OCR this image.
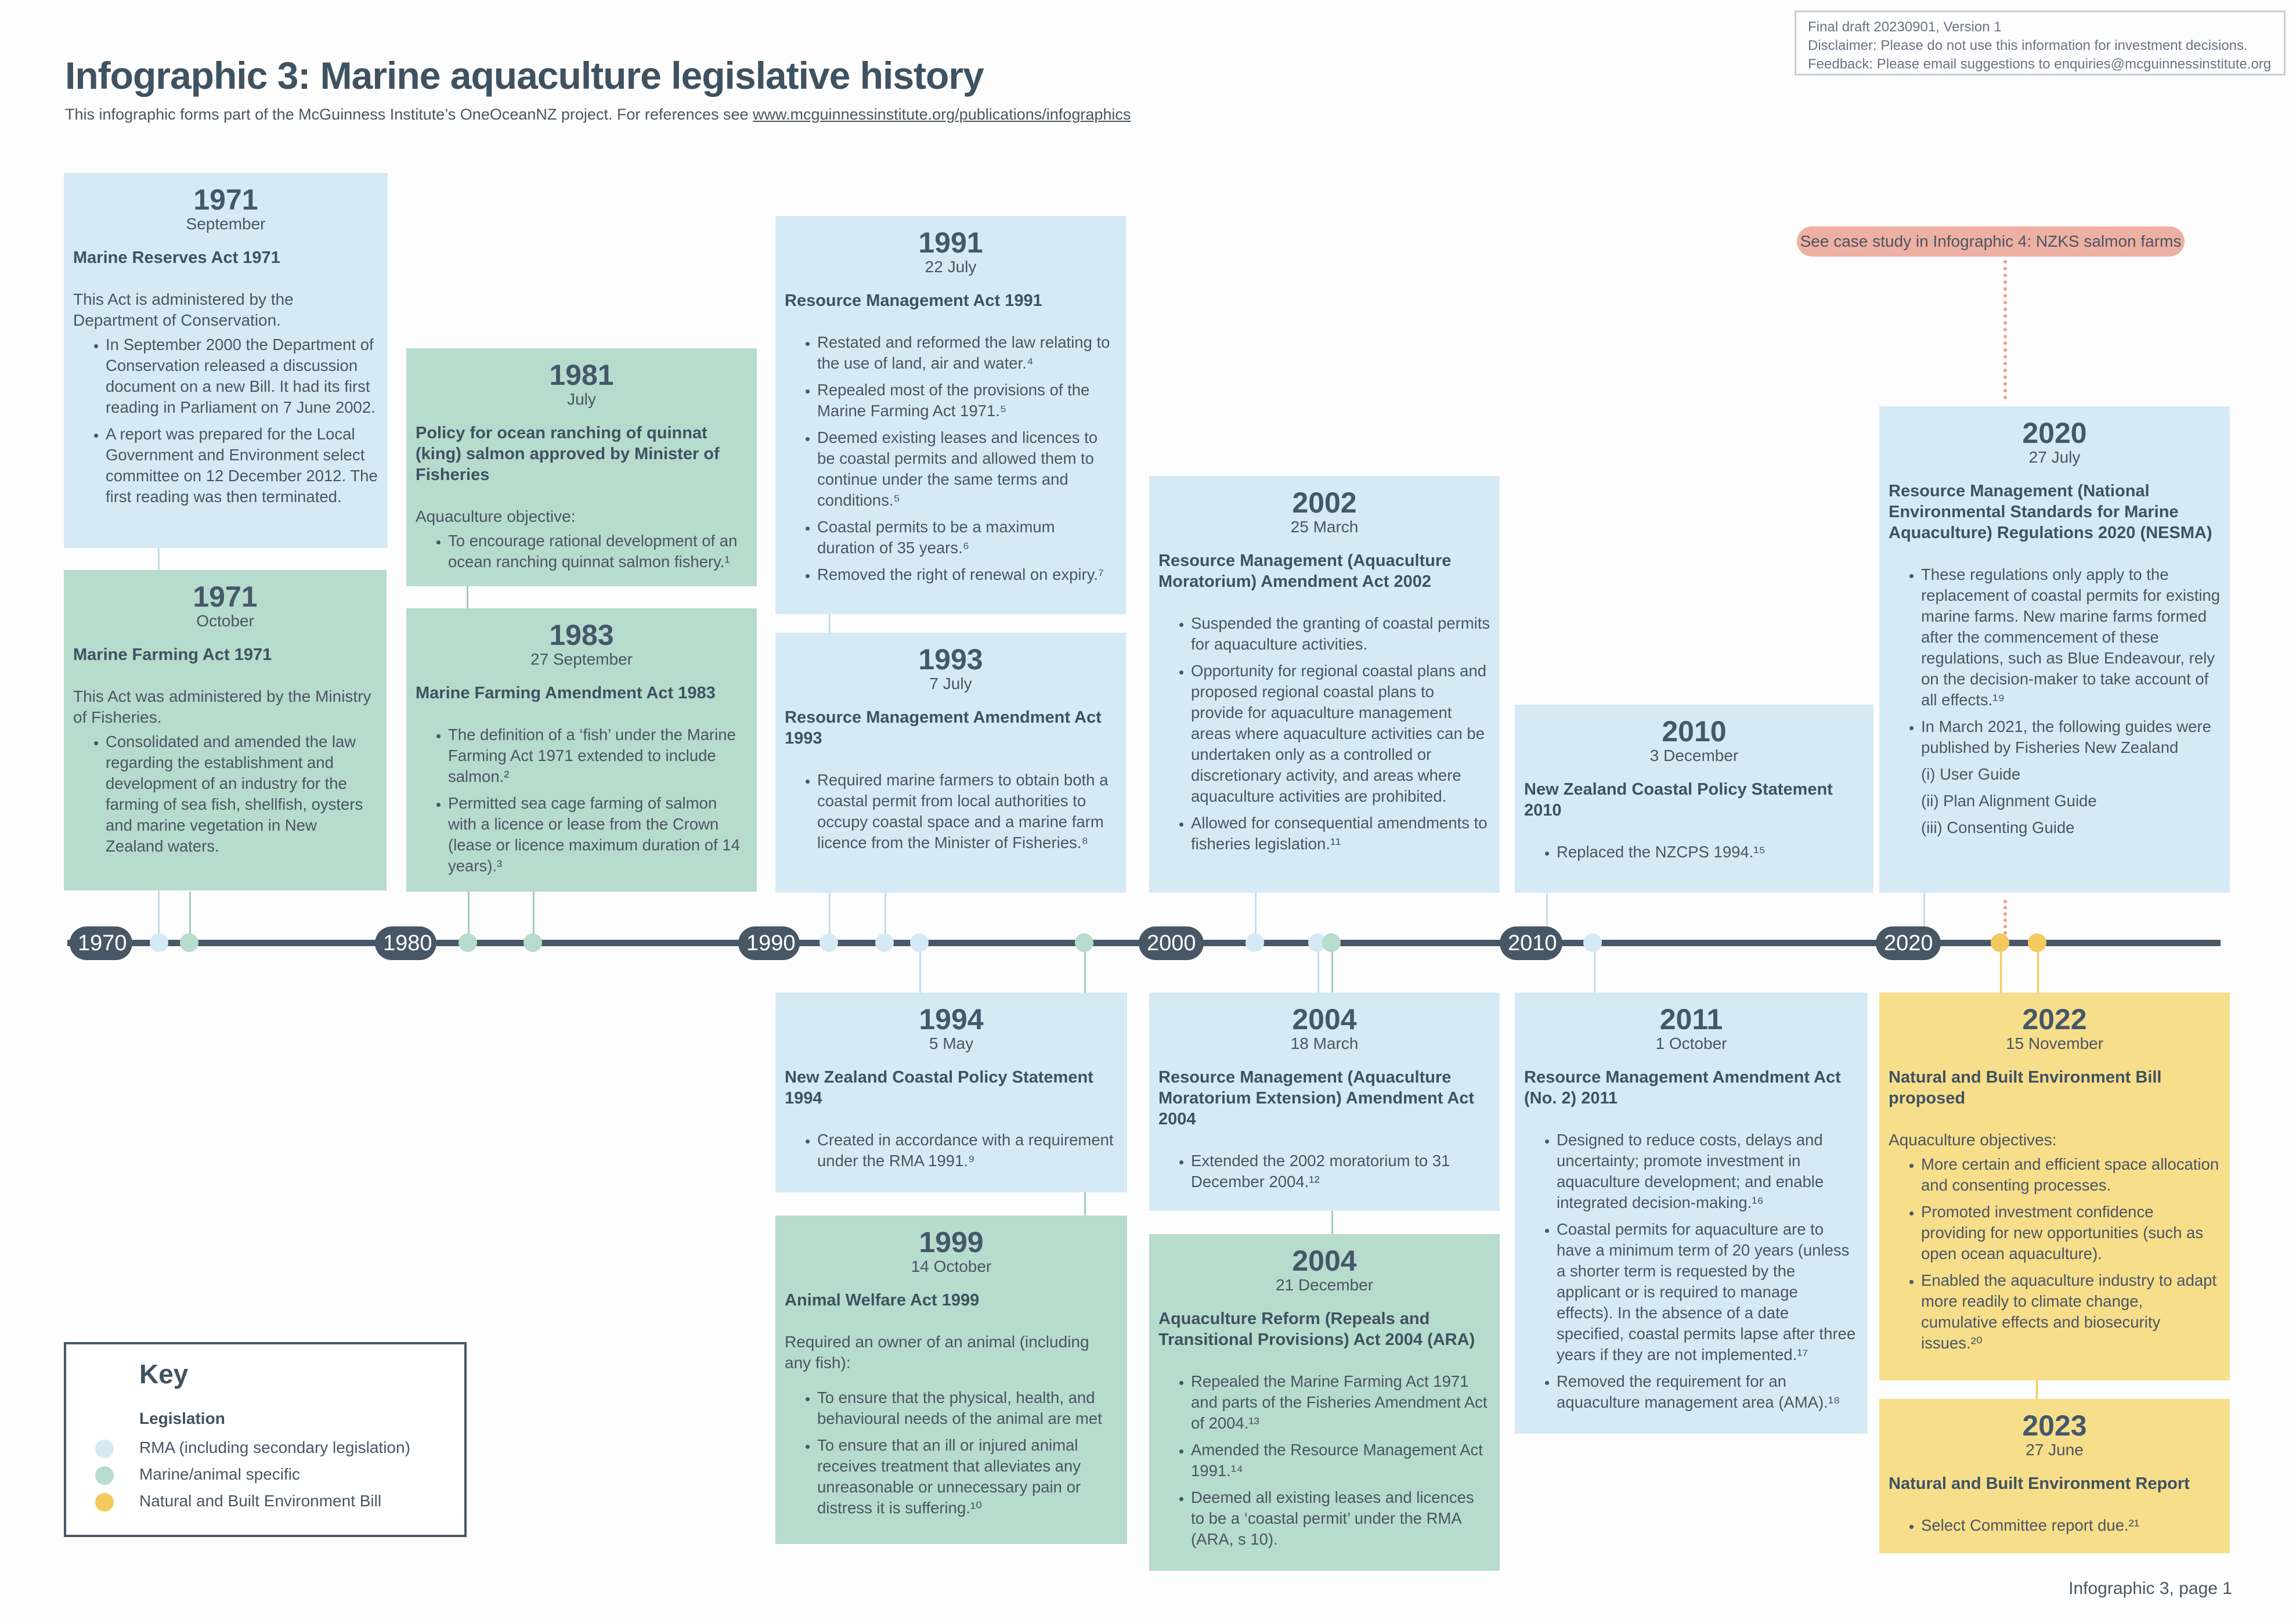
Infographic 3: Marine aquaculture legislative history
This infographic forms part of the McGuinness Institute’s OneOceanNZ project. For references see www.mcguinnessinstitute.org/publications/infographics
Final draft 20230901, Version 1
Disclaimer: Please do not use this information for investment decisions.
Feedback: Please email suggestions to enquiries@mcguinnessinstitute.org
See case study in Infographic 4: NZKS salmon farms
1970	1980	1990	2000	2010	2020
1971
September
Marine Reserves Act 1971
This Act is administered by the Department of Conservation.
• In September 2000 the Department of Conservation released a discussion document on a new Bill. It had its first reading in Parliament on 7 June 2002.
• A report was prepared for the Local Government and Environment select committee on 12 December 2012. The first reading was then terminated.
1971
October
Marine Farming Act 1971
This Act was administered by the Ministry of Fisheries.
• Consolidated and amended the law regarding the establishment and development of an industry for the farming of sea fish, shellfish, oysters and marine vegetation in New Zealand waters.
1981
July
Policy for ocean ranching of quinnat (king) salmon approved by Minister of Fisheries
Aquaculture objective:
• To encourage rational development of an ocean ranching quinnat salmon fishery.¹
1983
27 September
Marine Farming Amendment Act 1983
• The definition of a ‘fish’ under the Marine Farming Act 1971 extended to include salmon.²
• Permitted sea cage farming of salmon with a licence or lease from the Crown (lease or licence maximum duration of 14 years).³
1991
22 July
Resource Management Act 1991
• Restated and reformed the law relating to the use of land, air and water.⁴
• Repealed most of the provisions of the Marine Farming Act 1971.⁵
• Deemed existing leases and licences to be coastal permits and allowed them to continue under the same terms and conditions.⁵
• Coastal permits to be a maximum duration of 35 years.⁶
• Removed the right of renewal on expiry.⁷
1993
7 July
Resource Management Amendment Act 1993
• Required marine farmers to obtain both a coastal permit from local authorities to occupy coastal space and a marine farm licence from the Minister of Fisheries.⁸
2002
25 March
Resource Management (Aquaculture Moratorium) Amendment Act 2002
• Suspended the granting of coastal permits for aquaculture activities.
• Opportunity for regional coastal plans and proposed regional coastal plans to provide for aquaculture management areas where aquaculture activities can be undertaken only as a controlled or discretionary activity, and areas where aquaculture activities are prohibited.
• Allowed for consequential amendments to fisheries legislation.¹¹
2010
3 December
New Zealand Coastal Policy Statement 2010
• Replaced the NZCPS 1994.¹⁵
2020
27 July
Resource Management (National Environmental Standards for Marine Aquaculture) Regulations 2020 (NESMA)
• These regulations only apply to the replacement of coastal permits for existing marine farms. New marine farms formed after the commencement of these regulations, such as Blue Endeavour, rely on the decision-maker to take account of all effects.¹⁹
• In March 2021, the following guides were published by Fisheries New Zealand
(i) User Guide
(ii) Plan Alignment Guide
(iii) Consenting Guide
1994
5 May
New Zealand Coastal Policy Statement 1994
• Created in accordance with a requirement under the RMA 1991.⁹
1999
14 October
Animal Welfare Act 1999
Required an owner of an animal (including any fish):
• To ensure that the physical, health, and behavioural needs of the animal are met
• To ensure that an ill or injured animal receives treatment that alleviates any unreasonable or unnecessary pain or distress it is suffering.¹⁰
2004
18 March
Resource Management (Aquaculture Moratorium Extension) Amendment Act 2004
• Extended the 2002 moratorium to 31 December 2004.¹²
2004
21 December
Aquaculture Reform (Repeals and Transitional Provisions) Act 2004 (ARA)
• Repealed the Marine Farming Act 1971 and parts of the Fisheries Amendment Act of 2004.¹³
• Amended the Resource Management Act 1991.¹⁴
• Deemed all existing leases and licences to be a ‘coastal permit’ under the RMA (ARA, s 10).
2011
1 October
Resource Management Amendment Act (No. 2) 2011
• Designed to reduce costs, delays and uncertainty; promote investment in aquaculture development; and enable integrated decision-making.¹⁶
• Coastal permits for aquaculture are to have a minimum term of 20 years (unless a shorter term is requested by the applicant or is required to manage effects). In the absence of a date specified, coastal permits lapse after three years if they are not implemented.¹⁷
• Removed the requirement for an aquaculture management area (AMA).¹⁸
2022
15 November
Natural and Built Environment Bill proposed
Aquaculture objectives:
• More certain and efficient space allocation and consenting processes.
• Promoted investment confidence providing for new opportunities (such as open ocean aquaculture).
• Enabled the aquaculture industry to adapt more readily to climate change, cumulative effects and biosecurity issues.²⁰
2023
27 June
Natural and Built Environment Report
• Select Committee report due.²¹
Key
Legislation
RMA (including secondary legislation)
Marine/animal specific
Natural and Built Environment Bill
Infographic 3, page 1
